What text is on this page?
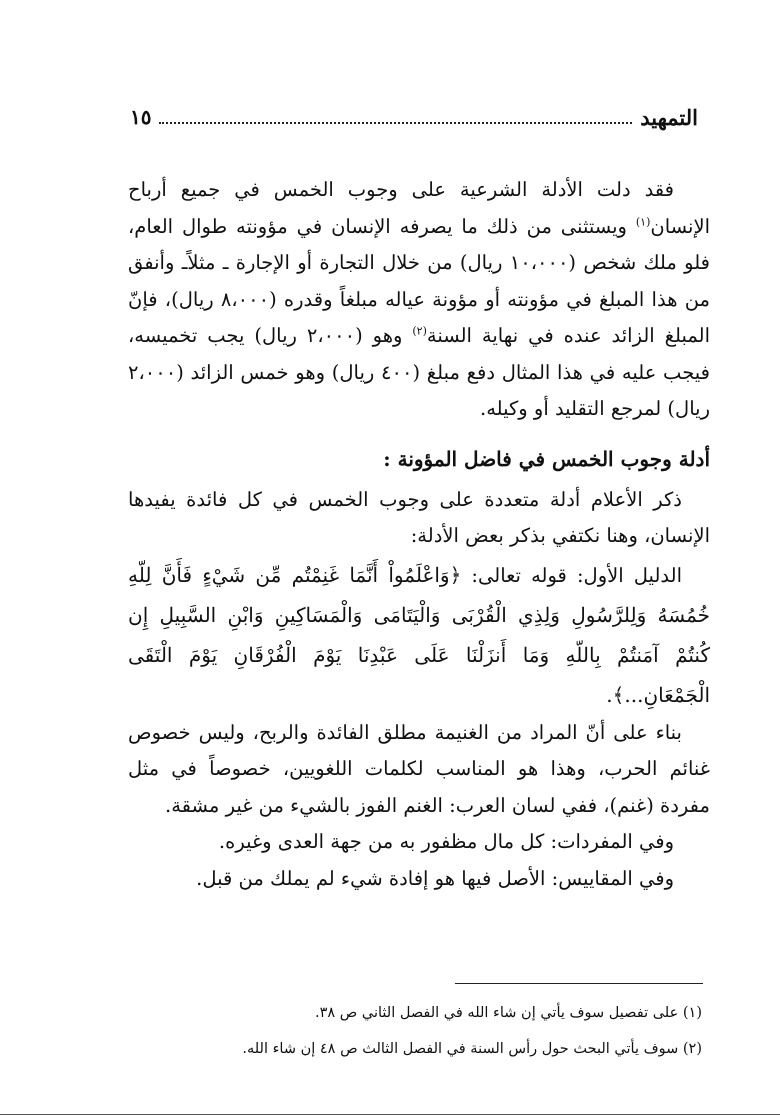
التمهيد
١٥

فقد دلت الأدلة الشرعية على وجوب الخمس في جميع أرباح الإنسان$^{(١)}$ ويستثنى من ذلك ما يصرفه الإنسان في مؤونته طوال العام، فلو ملك شخص (١٠،٠٠٠ ريال) من خلال التجارة أو الإجارة ـ مثلاًـ وأنفق من هذا المبلغ في مؤونته أو مؤونة عياله مبلغاً وقدره (٨،٠٠٠ ريال)، فإنّ المبلغ الزائد عنده في نهاية السنة$^{(٢)}$ وهو (٢،٠٠٠ ريال) يجب تخميسه، فيجب عليه في هذا المثال دفع مبلغ (٤٠٠ ريال) وهو خمس الزائد (٢،٠٠٠ ريال) لمرجع التقليد أو وكيله.

أدلة وجوب الخمس في فاضل المؤونة :

ذكر الأعلام أدلة متعددة على وجوب الخمس في كل فائدة يفيدها الإنسان، وهنا نكتفي بذكر بعض الأدلة:

الدليل الأول: قوله تعالى: ﴿وَاعْلَمُواْ أَنَّمَا غَنِمْتُم مِّن شَيْءٍ فَأَنَّ لِلّهِ خُمُسَهُ وَلِلرَّسُولِ وَلِذِي الْقُرْبَى وَالْيَتَامَى وَالْمَسَاكِينِ وَابْنِ السَّبِيلِ إِن كُنتُمْ آمَنتُمْ بِاللّهِ وَمَا أَنزَلْنَا عَلَى عَبْدِنَا يَوْمَ الْفُرْقَانِ يَوْمَ الْتَقَى الْجَمْعَانِ...﴾.

بناء على أنّ المراد من الغنيمة مطلق الفائدة والربح، وليس خصوص غنائم الحرب، وهذا هو المناسب لكلمات اللغويين، خصوصاً في مثل مفردة (غنم)، ففي لسان العرب: الغنم الفوز بالشيء من غير مشقة.

وفي المفردات: كل مال مظفور به من جهة العدى وغيره.

وفي المقاييس: الأصل فيها هو إفادة شيء لم يملك من قبل.

(١) على تفصيل سوف يأتي إن شاء الله في الفصل الثاني ص ٣٨.

(٢) سوف يأتي البحث حول رأس السنة في الفصل الثالث ص ٤٨ إن شاء الله.
